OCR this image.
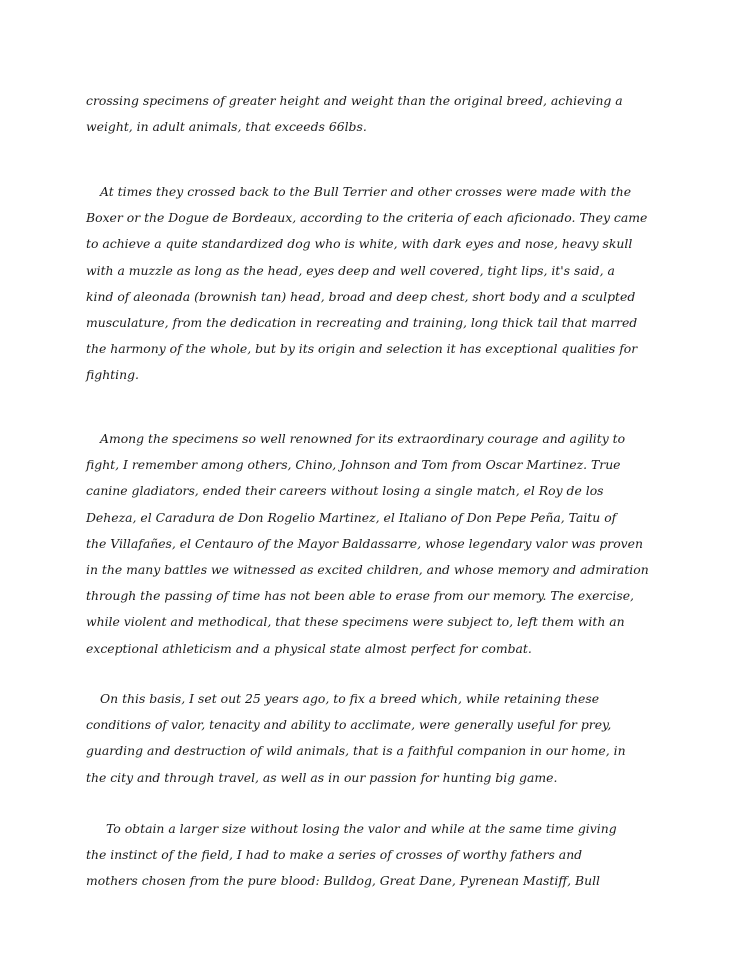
crossing specimens of greater height and weight than the original breed, achieving a
weight, in adult animals, that exceeds 66lbs.
At times they crossed back to the Bull Terrier and other crosses were made with the
Boxer or the Dogue de Bordeaux, according to the criteria of each aficionado. They came
to achieve a quite standardized dog who is white, with dark eyes and nose, heavy skull
with a muzzle as long as the head, eyes deep and well covered, tight lips, it's said, a
kind of aleonada (brownish tan) head, broad and deep chest, short body and a sculpted
musculature, from the dedication in recreating and training, long thick tail that marred
the harmony of the whole, but by its origin and selection it has exceptional qualities for
fighting.
Among the specimens so well renowned for its extraordinary courage and agility to
fight, I remember among others, Chino, Johnson and Tom from Oscar Martinez. True
canine gladiators, ended their careers without losing a single match, el Roy de los
Deheza, el Caradura de Don Rogelio Martinez, el Italiano of Don Pepe Peña, Taitu of
the Villafañes, el Centauro of the Mayor Baldassarre, whose legendary valor was proven
in the many battles we witnessed as excited children, and whose memory and admiration
through the passing of time has not been able to erase from our memory. The exercise,
while violent and methodical, that these specimens were subject to, left them with an
exceptional athleticism and a physical state almost perfect for combat.
On this basis, I set out 25 years ago, to fix a breed which, while retaining these
conditions of valor, tenacity and ability to acclimate, were generally useful for prey,
guarding and destruction of wild animals, that is a faithful companion in our home, in
the city and through travel, as well as in our passion for hunting big game.
To obtain a larger size without losing the valor and while at the same time giving
the instinct of the field, I had to make a series of crosses of worthy fathers and
mothers chosen from the pure blood: Bulldog, Great Dane, Pyrenean Mastiff, Bull
